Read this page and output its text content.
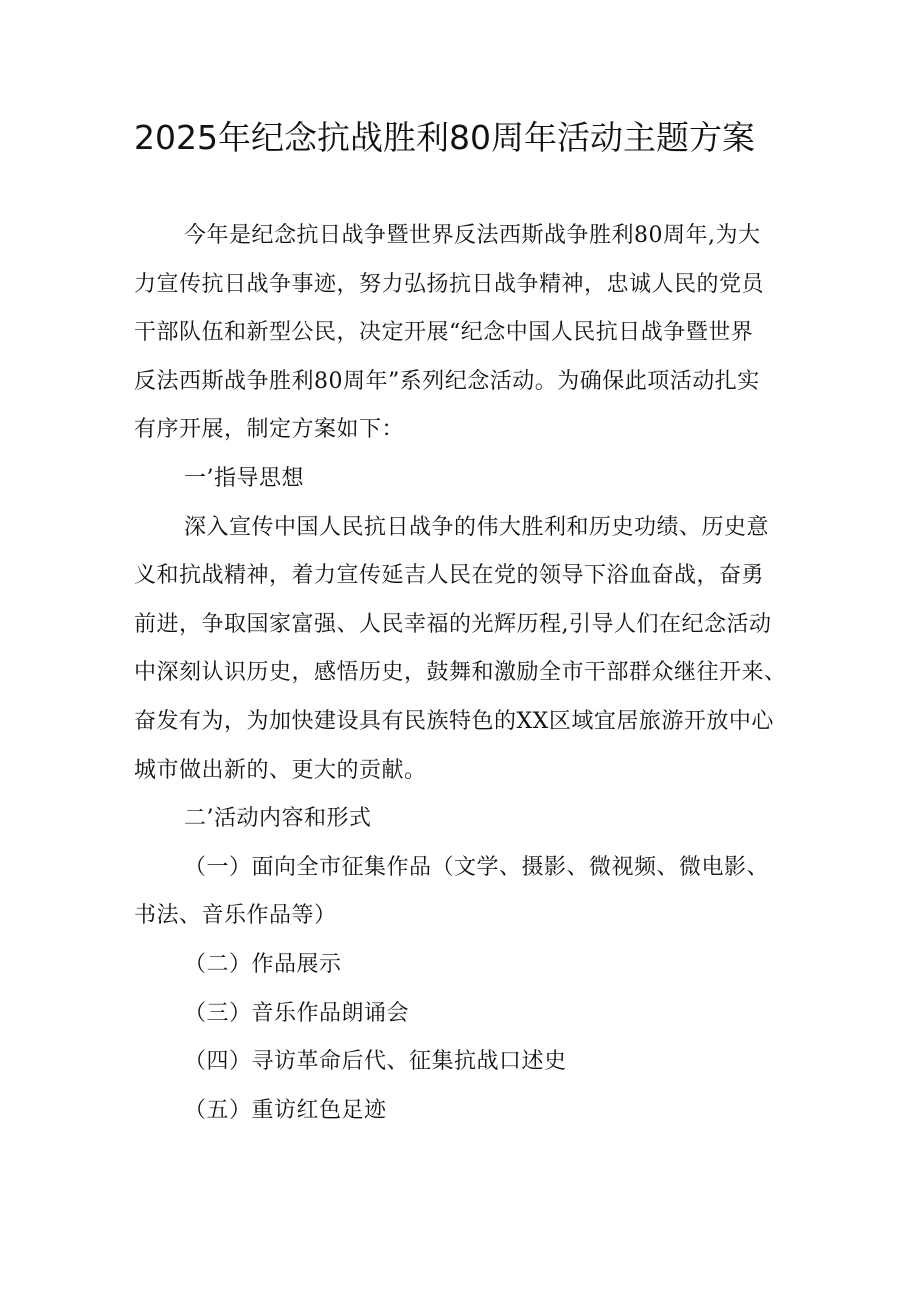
2025年纪念抗战胜利80周年活动主题方案
今年是纪念抗日战争暨世界反法西斯战争胜利80周年,为大
力宣传抗日战争事迹，努力弘扬抗日战争精神，忠诚人民的党员
干部队伍和新型公民，决定开展“纪念中国人民抗日战争暨世界
反法西斯战争胜利80周年”系列纪念活动。为确保此项活动扎实
有序开展，制定方案如下：
一’指导思想
深入宣传中国人民抗日战争的伟大胜利和历史功绩、历史意
义和抗战精神，着力宣传延吉人民在党的领导下浴血奋战，奋勇
前进，争取国家富强、人民幸福的光辉历程,引导人们在纪念活动
中深刻认识历史，感悟历史，鼓舞和激励全市干部群众继往开来、
奋发有为，为加快建设具有民族特色的XX区域宜居旅游开放中心
城市做出新的、更大的贡献。
二’活动内容和形式
（一）面向全市征集作品（文学、摄影、微视频、微电影、
书法、音乐作品等）
（二）作品展示
（三）音乐作品朗诵会
（四）寻访革命后代、征集抗战口述史
（五）重访红色足迹
